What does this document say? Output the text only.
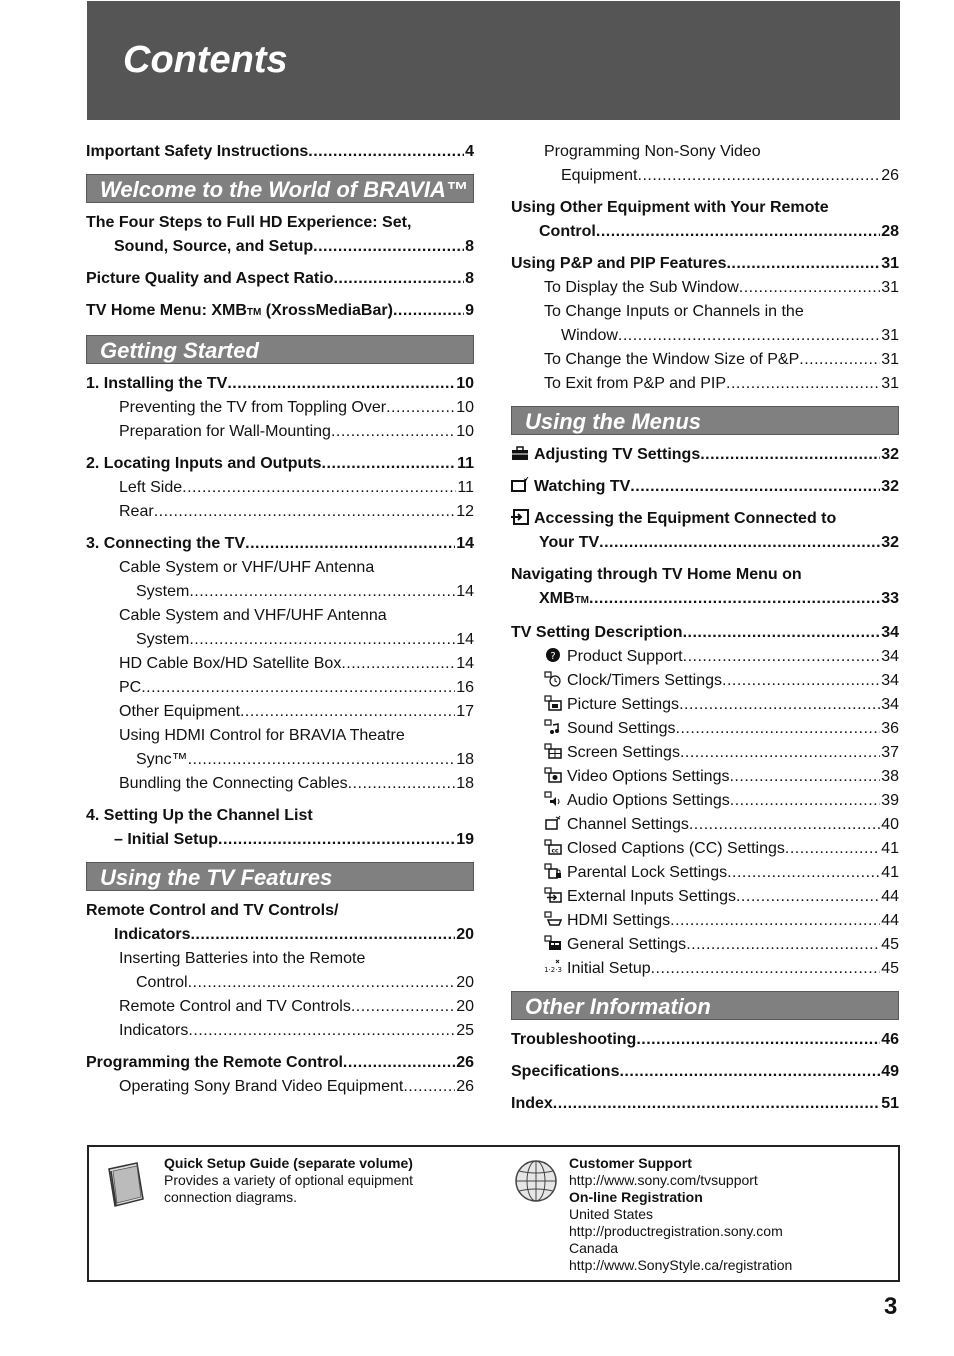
Contents
Important Safety Instructions .....	4
Welcome to the World of BRAVIA™
The Four Steps to Full HD Experience: Set,
Sound, Source, and Setup .....	8
Picture Quality and Aspect Ratio .....	8
TV Home Menu: XMBTM (XrossMediaBar) .....	9
Getting Started
1. Installing the TV .....	10
Preventing the TV from Toppling Over .....	10
Preparation for Wall-Mounting .....	10
2. Locating Inputs and Outputs .....	11
Left Side .....	11
Rear .....	12
3. Connecting the TV .....	14
Cable System or VHF/UHF Antenna
System .....	14
Cable System and VHF/UHF Antenna
System .....	14
HD Cable Box/HD Satellite Box .....	14
PC .....	16
Other Equipment .....	17
Using HDMI Control for BRAVIA Theatre
Sync™ .....	18
Bundling the Connecting Cables .....	18
4. Setting Up the Channel List
– Initial Setup .....	19
Using the TV Features
Remote Control and TV Controls/
Indicators .....	20
Inserting Batteries into the Remote
Control .....	20
Remote Control and TV Controls .....	20
Indicators .....	25
Programming the Remote Control .....	26
Operating Sony Brand Video Equipment .....	26
Programming Non-Sony Video
Equipment .....	26
Using Other Equipment with Your Remote
Control .....	28
Using P&P and PIP Features .....	31
To Display the Sub Window .....	31
To Change Inputs or Channels in the
Window .....	31
To Change the Window Size of P&P .....	31
To Exit from P&P and PIP .....	31
Using the Menus
Adjusting TV Settings .....	32
Watching TV .....	32
Accessing the Equipment Connected to
Your TV .....	32
Navigating through TV Home Menu on
XMBTM .....	33
TV Setting Description .....	34
? Product Support .....	34
Clock/Timers Settings .....	34
Picture Settings .....	34
Sound Settings .....	36
Screen Settings .....	37
Video Options Settings .....	38
Audio Options Settings .....	39
Channel Settings .....	40
cc Closed Captions (CC) Settings .....	41
Parental Lock Settings .....	41
External Inputs Settings .....	44
HDMI Settings .....	44
General Settings .....	45
1·2·3 Initial Setup .....	45
Other Information
Troubleshooting .....	46
Specifications .....	49
Index .....	51
Quick Setup Guide (separate volume)
Provides a variety of optional equipment
connection diagrams.
Customer Support
http://www.sony.com/tvsupport
On-line Registration
United States
http://productregistration.sony.com
Canada
http://www.SonyStyle.ca/registration
3
